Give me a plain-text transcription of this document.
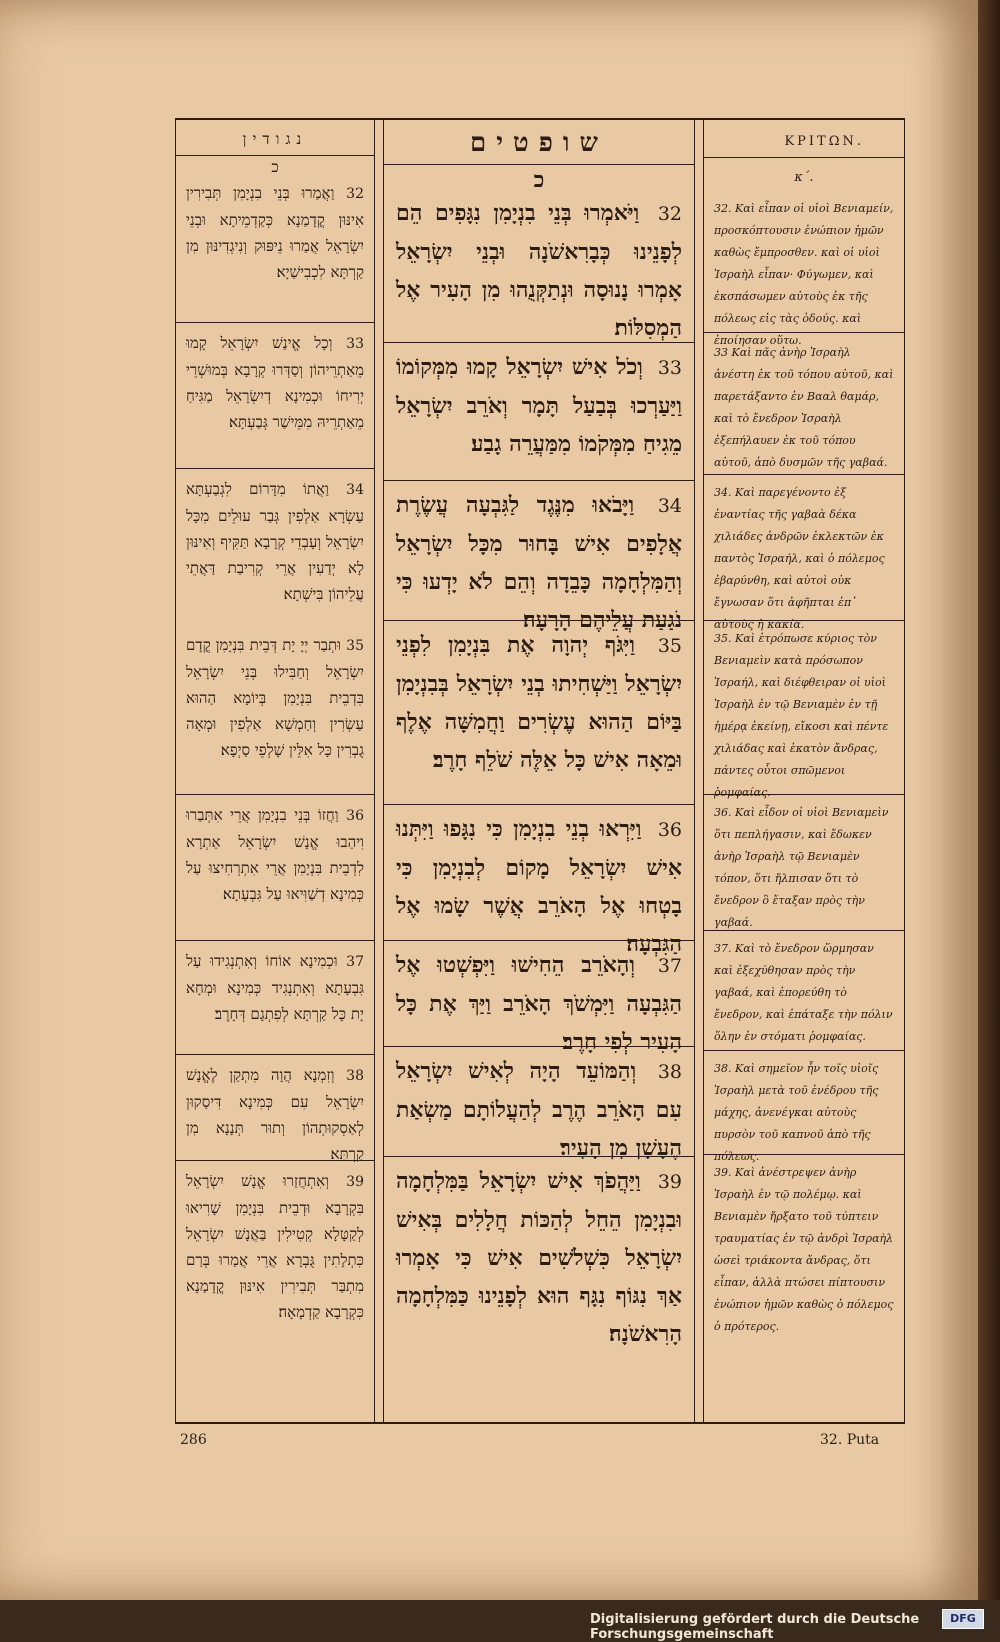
נגודין
כ
32 וַאֲמַרוּ בְּנֵי בִנְיָמִן תְּבִירִין אִינּוּן קֳדָמַנָא כְּקַדְמֵיתָא וּבְנֵי יִשְׂרָאֵל אֲמַרוּ נֵיפּוּק וְנִיגְדִינּוּן מִן קַרְתָּא לִכְבִישַׁיָא׃
33 וְכָל אֱינַשׁ יִשְׂרָאֵל קָמוּ מֵאַתְרֵיהוֹן וְסַדְּרוּ קְרָבָא בְּמוּשְׁרֵי יְרִיחוֹ וּכְמִינָא דְיִשְׂרָאֵל מַגִּיחַ מֵאַתְרֵיהּ מִמֵּישַׁר גְּבַעְתָּא׃
34 וַאֲתוֹ מִדָּרוֹם לִגְבַעְתָּא עַשְׂרָא אַלְפִין גְּבַר עוּלֵים מִכָּל יִשְׂרָאֵל וְעָבְדֵי קְרָבָא תַּקִּיף וְאִינּוּן לָא יְדַעִין אֲרֵי קְרִיבַת דַּאֲתֵי עֲלֵיהוֹן בִּישְׁתָא׃
35 וּתְבַר יְיָ יָת דְּבֵית בִּנְיָמִן קֳדָם יִשְׂרָאֵל וְחַבִּילוּ בְּנֵי יִשְׂרָאֵל בִּדְבֵית בִּנְיָמִן בְּיוֹמָא הַהוּא עַשְׂרִין וְחַמְשָׁא אַלְפִין וּמְאָה גֻבְרִין כָּל אִלֵּין שָׁלְפֵי סַיְפָא׃
36 וַחֲזוֹ בְּנֵי בִנְיָמִן אֲרֵי אִתְּבַרוּ וִיהַבוּ אֱנָשׁ יִשְׂרָאֵל אַתְרָא לִדְבֵית בִּנְיָמִן אֲרֵי אִתְרְחִיצוּ עַל כְּמִינָא דְשַׁוִּיאוּ עַל גִּבְעָתָא׃
37 וּכְמִינָא אוֹחוֹ וְאִתְנְגִידוּ עַל גִּבְעָתָא וְאִתְנְגִיד כְּמִינָא וּמְחָא יָת כָּל קַרְתָּא לְפִתְגָם דְּחָרֶב׃
38 וְזִמְנָא הֲוָה מִתְקַן לֶאֱנָשׁ יִשְׂרָאֵל עִם כְּמִינָא דִּיסַקוּן לְאַסְקוּתְהוֹן וְתוּר תְּנָנָא מִן קַרְתָּא׃
39 וְאִתְחֲזַרוּ אֱנָשׁ יִשְׂרָאֵל בִּקְרָבָא וּדְבֵית בִּנְיָמִן שָׁרִיאוּ לְקַטָּלָא קְטִילִין בַּאֲנָשׁ יִשְׂרָאֵל כִּתְלָתִין גֻּבְרָא אֲרֵי אֲמַרוּ בְּרַם מִתְבַּר תְּבִירִין אִינּוּן קֳדָמַנָא כִּקְרָבָא קַדְמָאָה׃
שופטים
כ
32 וַיֹּאמְרוּ בְּנֵי בִנְיָמִן נִגָּפִים הֵם לְפָנֵינוּ כְּבָרִאשֹׁנָה וּבְנֵי יִשְׂרָאֵל אָמְרוּ נָנוּסָה וּנְתַקְּנֻהוּ מִן הָעִיר אֶל הַמְסִלּוֹת׃
33 וְכֹל אִישׁ יִשְׂרָאֵל קָמוּ מִמְּקוֹמוֹ וַיַּעַרְכוּ בְּבַעַל תָּמָר וְאֹרֵב יִשְׂרָאֵל מֵגִיחַ מִמְּקֹמוֹ מִמַּעֲרֵה גָבַע׃
34 וַיָּבֹאוּ מִנֶּגֶד לַגִּבְעָה עֲשֶׂרֶת אֲלָפִים אִישׁ בָּחוּר מִכָּל יִשְׂרָאֵל וְהַמִּלְחָמָה כָּבֵדָה וְהֵם לֹא יָדְעוּ כִּי נֹגַעַת עֲלֵיהֶם הָרָעָה׃
35 וַיִּגֹּף יְהוָה אֶת בִּנְיָמִן לִפְנֵי יִשְׂרָאֵל וַיַּשְׁחִיתוּ בְנֵי יִשְׂרָאֵל בְּבִנְיָמִן בַּיּוֹם הַהוּא עֶשְׂרִים וַחֲמִשָּׁה אֶלֶף וּמֵאָה אִישׁ כָּל אֵלֶּה שֹׁלֵף חָרֶב׃
36 וַיִּרְאוּ בְנֵי בִנְיָמִן כִּי נִגָּפוּ וַיִּתְּנוּ אִישׁ יִשְׂרָאֵל מָקוֹם לְבִנְיָמִן כִּי בָטְחוּ אֶל הָאֹרֵב אֲשֶׁר שָׂמוּ אֶל הַגִּבְעָה׃
37 וְהָאֹרֵב הֵחִישׁוּ וַיִּפְשְׁטוּ אֶל הַגִּבְעָה וַיִּמְשֹׁךְ הָאֹרֵב וַיַּךְ אֶת כָּל הָעִיר לְפִי חָרֶב׃
38 וְהַמּוֹעֵד הָיָה לְאִישׁ יִשְׂרָאֵל עִם הָאֹרֵב הֶרֶב לְהַעֲלוֹתָם מַשְׂאַת הֶעָשָׁן מִן הָעִיר׃
39 וַיַּהֲפֹךְ אִישׁ יִשְׂרָאֵל בַּמִּלְחָמָה וּבִנְיָמִן הֵחֵל לְהַכּוֹת חֲלָלִים בְּאִישׁ יִשְׂרָאֵל כִּשְׁלֹשִׁים אִישׁ כִּי אָמְרוּ אַךְ נִגּוֹף נִגָּף הוּא לְפָנֵינוּ כַּמִּלְחָמָה הָרִאשֹׁנָה׃
ΚΡΙΤΩΝ.
κ΄.
32. Καὶ εἶπαν οἱ υἱοὶ Βενιαμείν, προσκόπτουσιν ἐνώπιον ἡμῶν καθὼς ἔμπροσθεν. καὶ οἱ υἱοὶ Ἰσραὴλ εἶπαν· Φύγωμεν, καὶ ἐκσπάσωμεν αὐτοὺς ἐκ τῆς πόλεως εἰς τὰς ὁδούς. καὶ ἐποίησαν οὕτω.
33 Καὶ πᾶς ἀνὴρ Ἰσραὴλ ἀνέστη ἐκ τοῦ τόπου αὐτοῦ, καὶ παρετάξαντο ἐν Βααλ θαμάρ, καὶ τὸ ἔνεδρον Ἰσραὴλ ἐξεπήλαυεν ἐκ τοῦ τόπου αὐτοῦ, ἀπὸ δυσμῶν τῆς γαβαά.
34. Καὶ παρεγένοντο ἐξ ἐναντίας τῆς γαβαὰ δέκα χιλιάδες ἀνδρῶν ἐκλεκτῶν ἐκ παντὸς Ἰσραήλ, καὶ ὁ πόλεμος ἐβαρύνθη, καὶ αὐτοὶ οὐκ ἔγνωσαν ὅτι ἀφῆπται ἐπ᾽ αὐτοὺς ἡ κακία.
35. Καὶ ἐτρόπωσε κύριος τὸν Βενιαμεὶν κατὰ πρόσωπον Ἰσραήλ, καὶ διέφθειραν οἱ υἱοὶ Ἰσραὴλ ἐν τῷ Βενιαμὲν ἐν τῇ ἡμέρᾳ ἐκείνῃ, εἴκοσι καὶ πέντε χιλιάδας καὶ ἑκατὸν ἄνδρας, πάντες οὗτοι σπῶμενοι ῥομφαίας.
36. Καὶ εἶδον οἱ υἱοὶ Βενιαμεὶν ὅτι πεπλήγασιν, καὶ ἔδωκεν ἀνὴρ Ἰσραὴλ τῷ Βενιαμὲν τόπον, ὅτι ἤλπισαν ὅτι τὸ ἔνεδρον ὃ ἔταξαν πρὸς τὴν γαβαά.
37. Καὶ τὸ ἔνεδρον ὥρμησαν καὶ ἐξεχύθησαν πρὸς τὴν γαβαά, καὶ ἐπορεύθη τὸ ἔνεδρον, καὶ ἐπάταξε τὴν πόλιν ὅλην ἐν στόματι ῥομφαίας.
38. Καὶ σημεῖον ἦν τοῖς υἱοῖς Ἰσραὴλ μετὰ τοῦ ἐνέδρου τῆς μάχης, ἀνενέγκαι αὐτοὺς πυρσὸν τοῦ καπνοῦ ἀπὸ τῆς πόλεως.
39. Καὶ ἀνέστρεψεν ἀνὴρ Ἰσραὴλ ἐν τῷ πολέμῳ. καὶ Βενιαμὲν ἤρξατο τοῦ τύπτειν τραυματίας ἐν τῷ ἀνδρὶ Ἰσραὴλ ὡσεὶ τριάκοντα ἄνδρας, ὅτι εἶπαν, ἀλλὰ πτώσει πίπτουσιν ἐνώπιον ἡμῶν καθὼς ὁ πόλεμος ὁ πρότερος.
286	32. Puta
Digitalisierung gefördert durch die Deutsche Forschungsgemeinschaft
DFG
